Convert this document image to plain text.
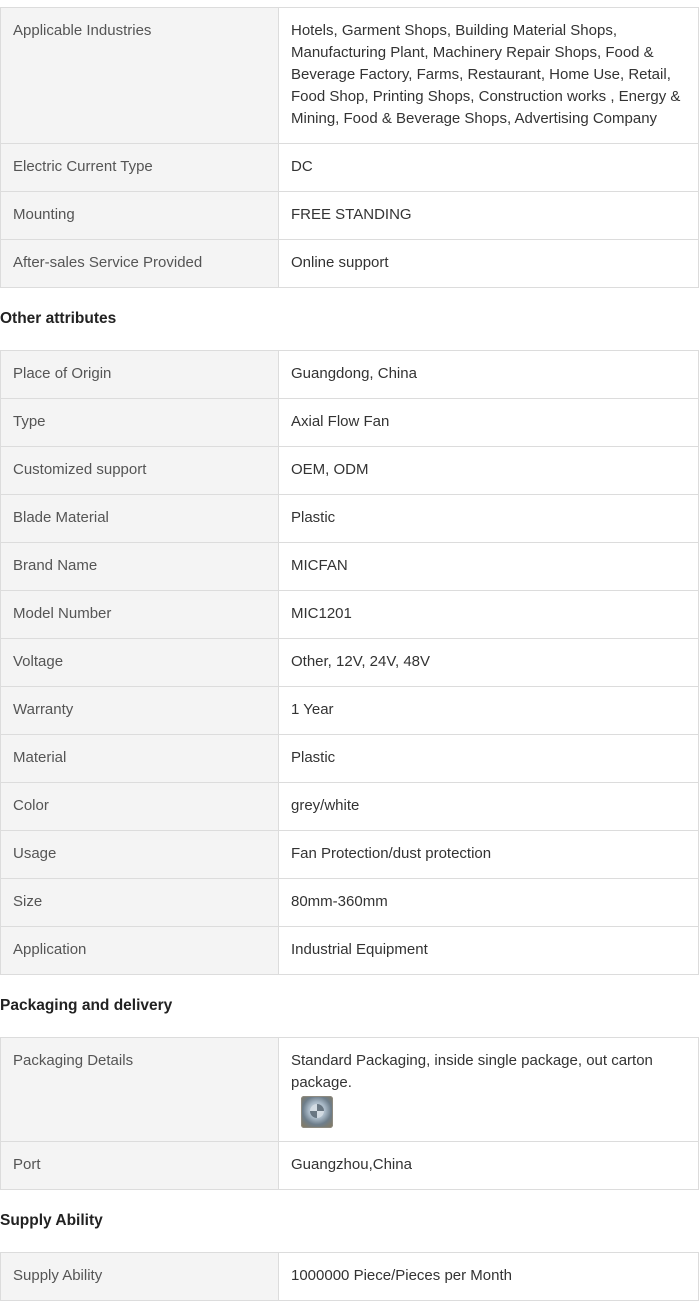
Applicable Industries	Hotels, Garment Shops, Building Material Shops, Manufacturing Plant, Machinery Repair Shops, Food & Beverage Factory, Farms, Restaurant, Home Use, Retail, Food Shop, Printing Shops, Construction works , Energy & Mining, Food & Beverage Shops, Advertising Company
Electric Current Type	DC
Mounting	FREE STANDING
After-sales Service Provided	Online support
Other attributes
Place of Origin	Guangdong, China
Type	Axial Flow Fan
Customized support	OEM, ODM
Blade Material	Plastic
Brand Name	MICFAN
Model Number	MIC1201
Voltage	Other, 12V, 24V, 48V
Warranty	1 Year
Material	Plastic
Color	grey/white
Usage	Fan Protection/dust protection
Size	80mm-360mm
Application	Industrial Equipment
Packaging and delivery
Packaging Details	Standard Packaging, inside single package, out carton package.

Port	Guangzhou,China
Supply Ability
Supply Ability	1000000 Piece/Pieces per Month
